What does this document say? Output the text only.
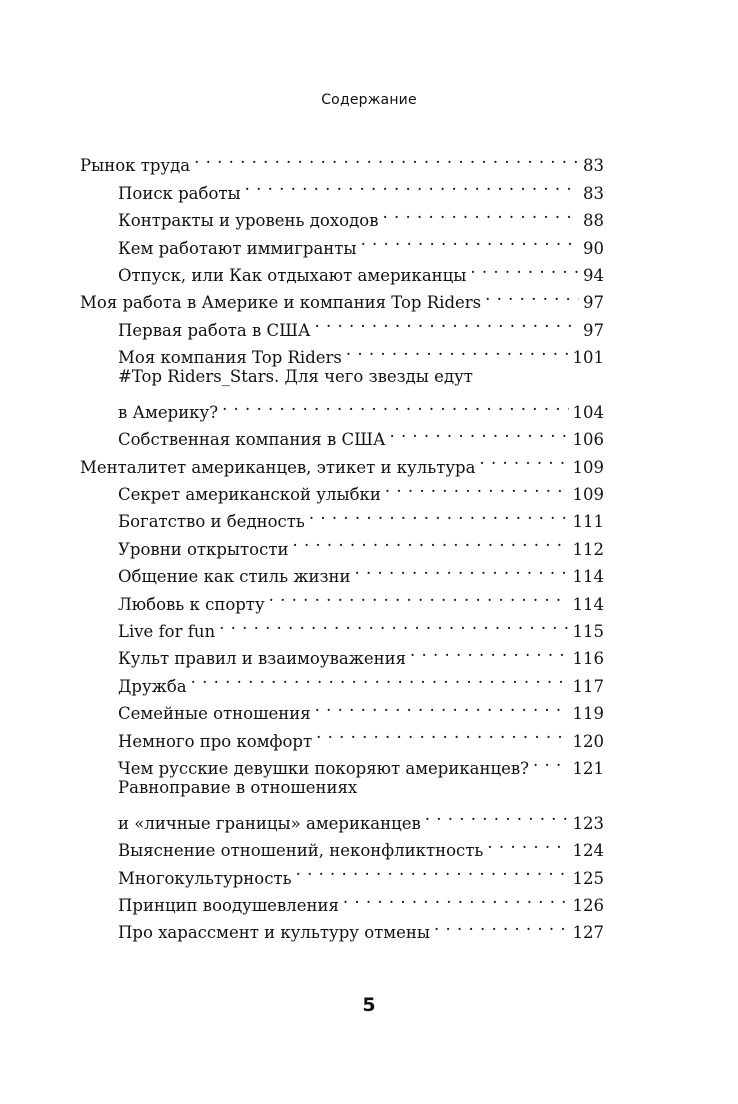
Содержание
Рынок труда . . .	83
Поиск работы . . .	83
Контракты и уровень доходов . . .	88
Кем работают иммигранты . . .	90
Отпуск, или Как отдыхают американцы . . .	94
Моя работа в Америке и компания Top Riders . . .	97
Первая работа в США . . .	97
Моя компания Top Riders . . .	101
#Top Riders_Stars. Для чего звезды едут
в Америку? . . .	104
Собственная компания в США . . .	106
Менталитет американцев, этикет и культура . . .	109
Секрет американской улыбки . . .	109
Богатство и бедность . . .	111
Уровни открытости . . .	112
Общение как стиль жизни . . .	114
Любовь к спорту . . .	114
Live for fun . . .	115
Культ правил и взаимоуважения . . .	116
Дружба . . .	117
Семейные отношения . . .	119
Немного про комфорт . . .	120
Чем русские девушки покоряют американцев? . . .	121
Равноправие в отношениях
и «личные границы» американцев . . .	123
Выяснение отношений, неконфликтность . . .	124
Многокультурность . . .	125
Принцип воодушевления . . .	126
Про харассмент и культуру отмены . . .	127
5
